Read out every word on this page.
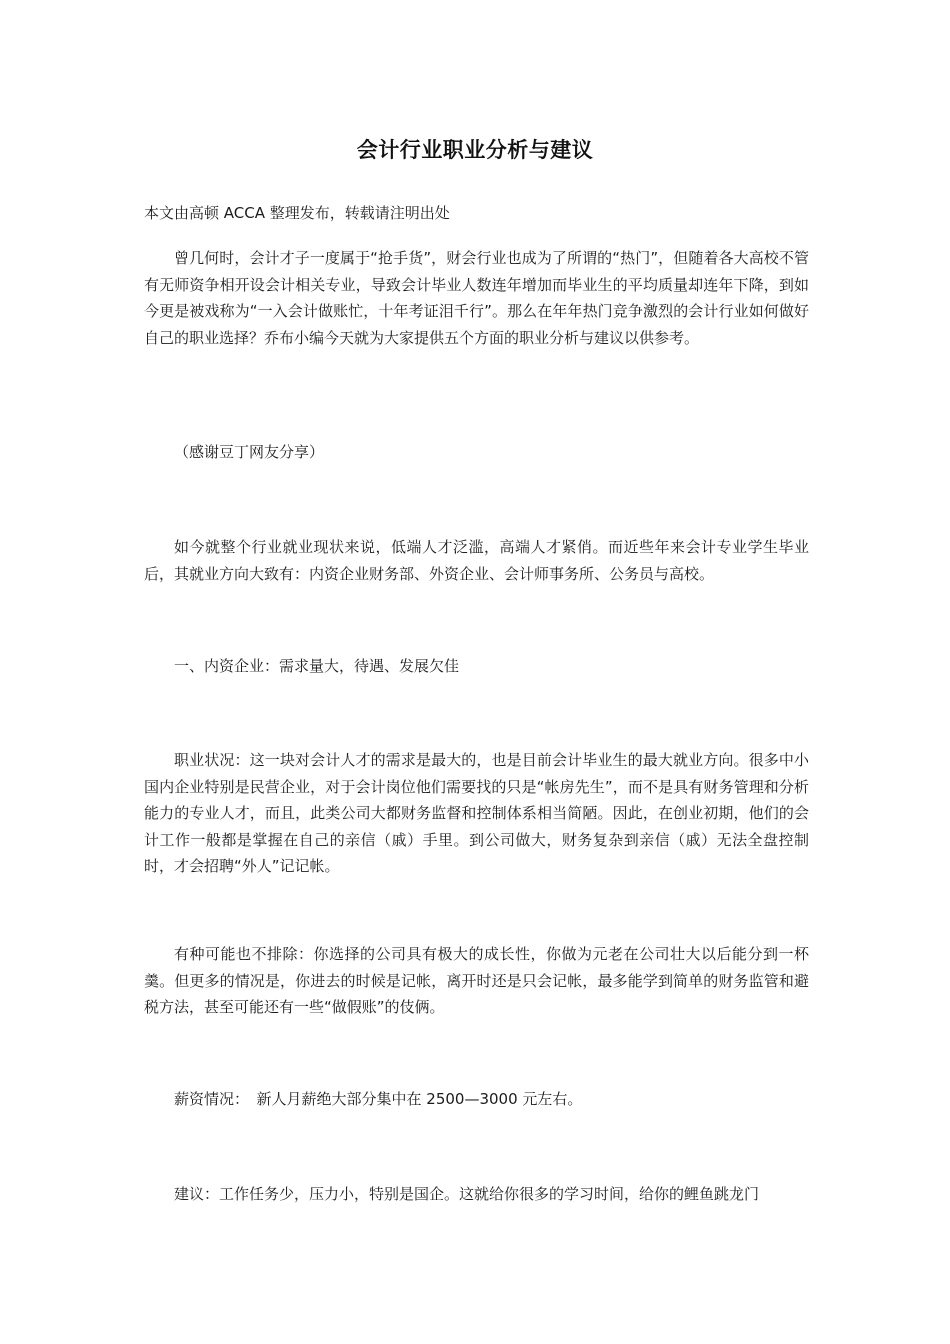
会计行业职业分析与建议

本文由高顿 ACCA 整理发布，转载请注明出处

曾几何时，会计才子一度属于“抢手货”，财会行业也成为了所谓的“热门”，但随着各大高校不管有无师资争相开设会计相关专业，导致会计毕业人数连年增加而毕业生的平均质量却连年下降，到如今更是被戏称为“一入会计做账忙，十年考证泪千行”。那么在年年热门竞争激烈的会计行业如何做好自己的职业选择？乔布小编今天就为大家提供五个方面的职业分析与建议以供参考。

（感谢豆丁网友分享）

如今就整个行业就业现状来说，低端人才泛滥，高端人才紧俏。而近些年来会计专业学生毕业后，其就业方向大致有：内资企业财务部、外资企业、会计师事务所、公务员与高校。

一、内资企业：需求量大，待遇、发展欠佳

职业状况：这一块对会计人才的需求是最大的，也是目前会计毕业生的最大就业方向。很多中小国内企业特别是民营企业，对于会计岗位他们需要找的只是“帐房先生”，而不是具有财务管理和分析能力的专业人才，而且，此类公司大都财务监督和控制体系相当简陋。因此，在创业初期，他们的会计工作一般都是掌握在自己的亲信（戚）手里。到公司做大，财务复杂到亲信（戚）无法全盘控制时，才会招聘“外人”记记帐。

有种可能也不排除：你选择的公司具有极大的成长性，你做为元老在公司壮大以后能分到一杯羹。但更多的情况是，你进去的时候是记帐，离开时还是只会记帐，最多能学到简单的财务监管和避税方法，甚至可能还有一些“做假账”的伎俩。

薪资情况：　新人月薪绝大部分集中在 2500—3000 元左右。

建议：工作任务少，压力小，特别是国企。这就给你很多的学习时间，给你的鲤鱼跳龙门
